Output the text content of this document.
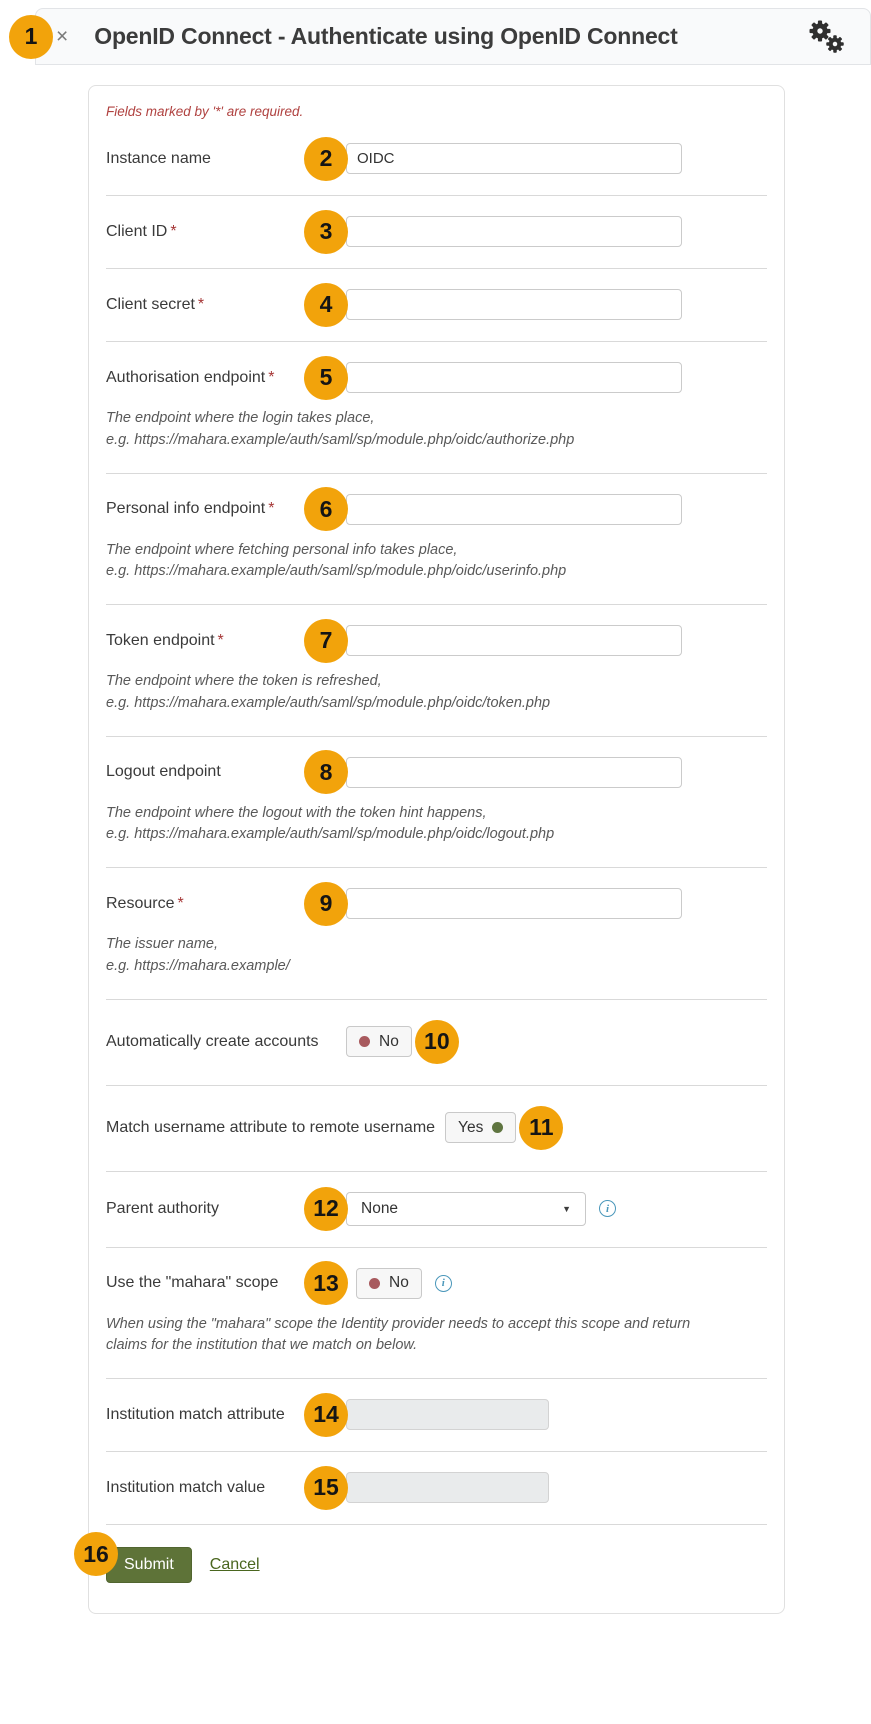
1 × OpenID Connect - Authenticate using OpenID Connect

Fields marked by '*' are required.

Instance name	2
OIDC
Client ID *	3
Client secret *	4
Authorisation endpoint *	5
The endpoint where the login takes place,
e.g. https://mahara.example/auth/saml/sp/module.php/oidc/authorize.php
Personal info endpoint *	6
The endpoint where fetching personal info takes place,
e.g. https://mahara.example/auth/saml/sp/module.php/oidc/userinfo.php
Token endpoint *	7
The endpoint where the token is refreshed,
e.g. https://mahara.example/auth/saml/sp/module.php/oidc/token.php
Logout endpoint	8
The endpoint where the logout with the token hint happens,
e.g. https://mahara.example/auth/saml/sp/module.php/oidc/logout.php
Resource *	9
The issuer name,
e.g. https://mahara.example/
Automatically create accounts	No	10
Match username attribute to remote username	Yes	11
Parent authority	12	None	▼	i
Use the "mahara" scope	13	No	i
When using the "mahara" scope the Identity provider needs to accept this scope and return
claims for the institution that we match on below.
Institution match attribute	14
Institution match value	15
16 Submit	Cancel
